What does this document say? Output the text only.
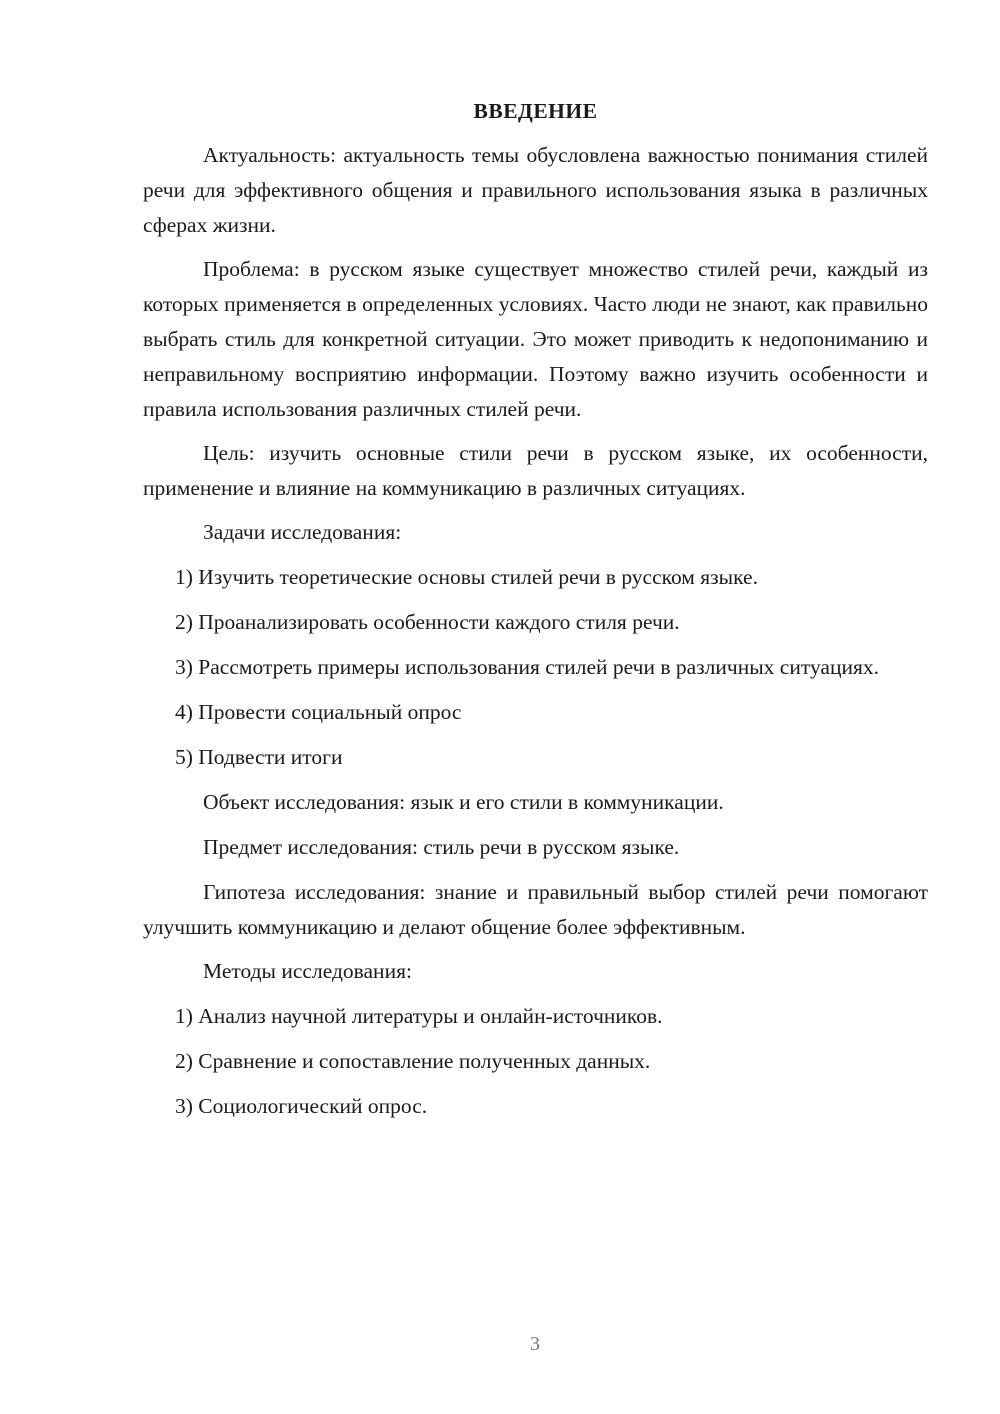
ВВЕДЕНИЕ

Актуальность: актуальность темы обусловлена важностью понимания стилей речи для эффективного общения и правильного использования языка в различных сферах жизни.

Проблема: в русском языке существует множество стилей речи, каждый из которых применяется в определенных условиях. Часто люди не знают, как правильно выбрать стиль для конкретной ситуации. Это может приводить к недопониманию и неправильному восприятию информации. Поэтому важно изучить особенности и правила использования различных стилей речи.

Цель: изучить основные стили речи в русском языке, их особенности, применение и влияние на коммуникацию в различных ситуациях.

Задачи исследования:

1) Изучить теоретические основы стилей речи в русском языке.

2) Проанализировать особенности каждого стиля речи.

3) Рассмотреть примеры использования стилей речи в различных ситуациях.

4) Провести социальный опрос

5) Подвести итоги

Объект исследования: язык и его стили в коммуникации.

Предмет исследования: стиль речи в русском языке.

Гипотеза исследования: знание и правильный выбор стилей речи помогают улучшить коммуникацию и делают общение более эффективным.

Методы исследования:

1) Анализ научной литературы и онлайн-источников.

2) Сравнение и сопоставление полученных данных.

3) Социологический опрос.

3
